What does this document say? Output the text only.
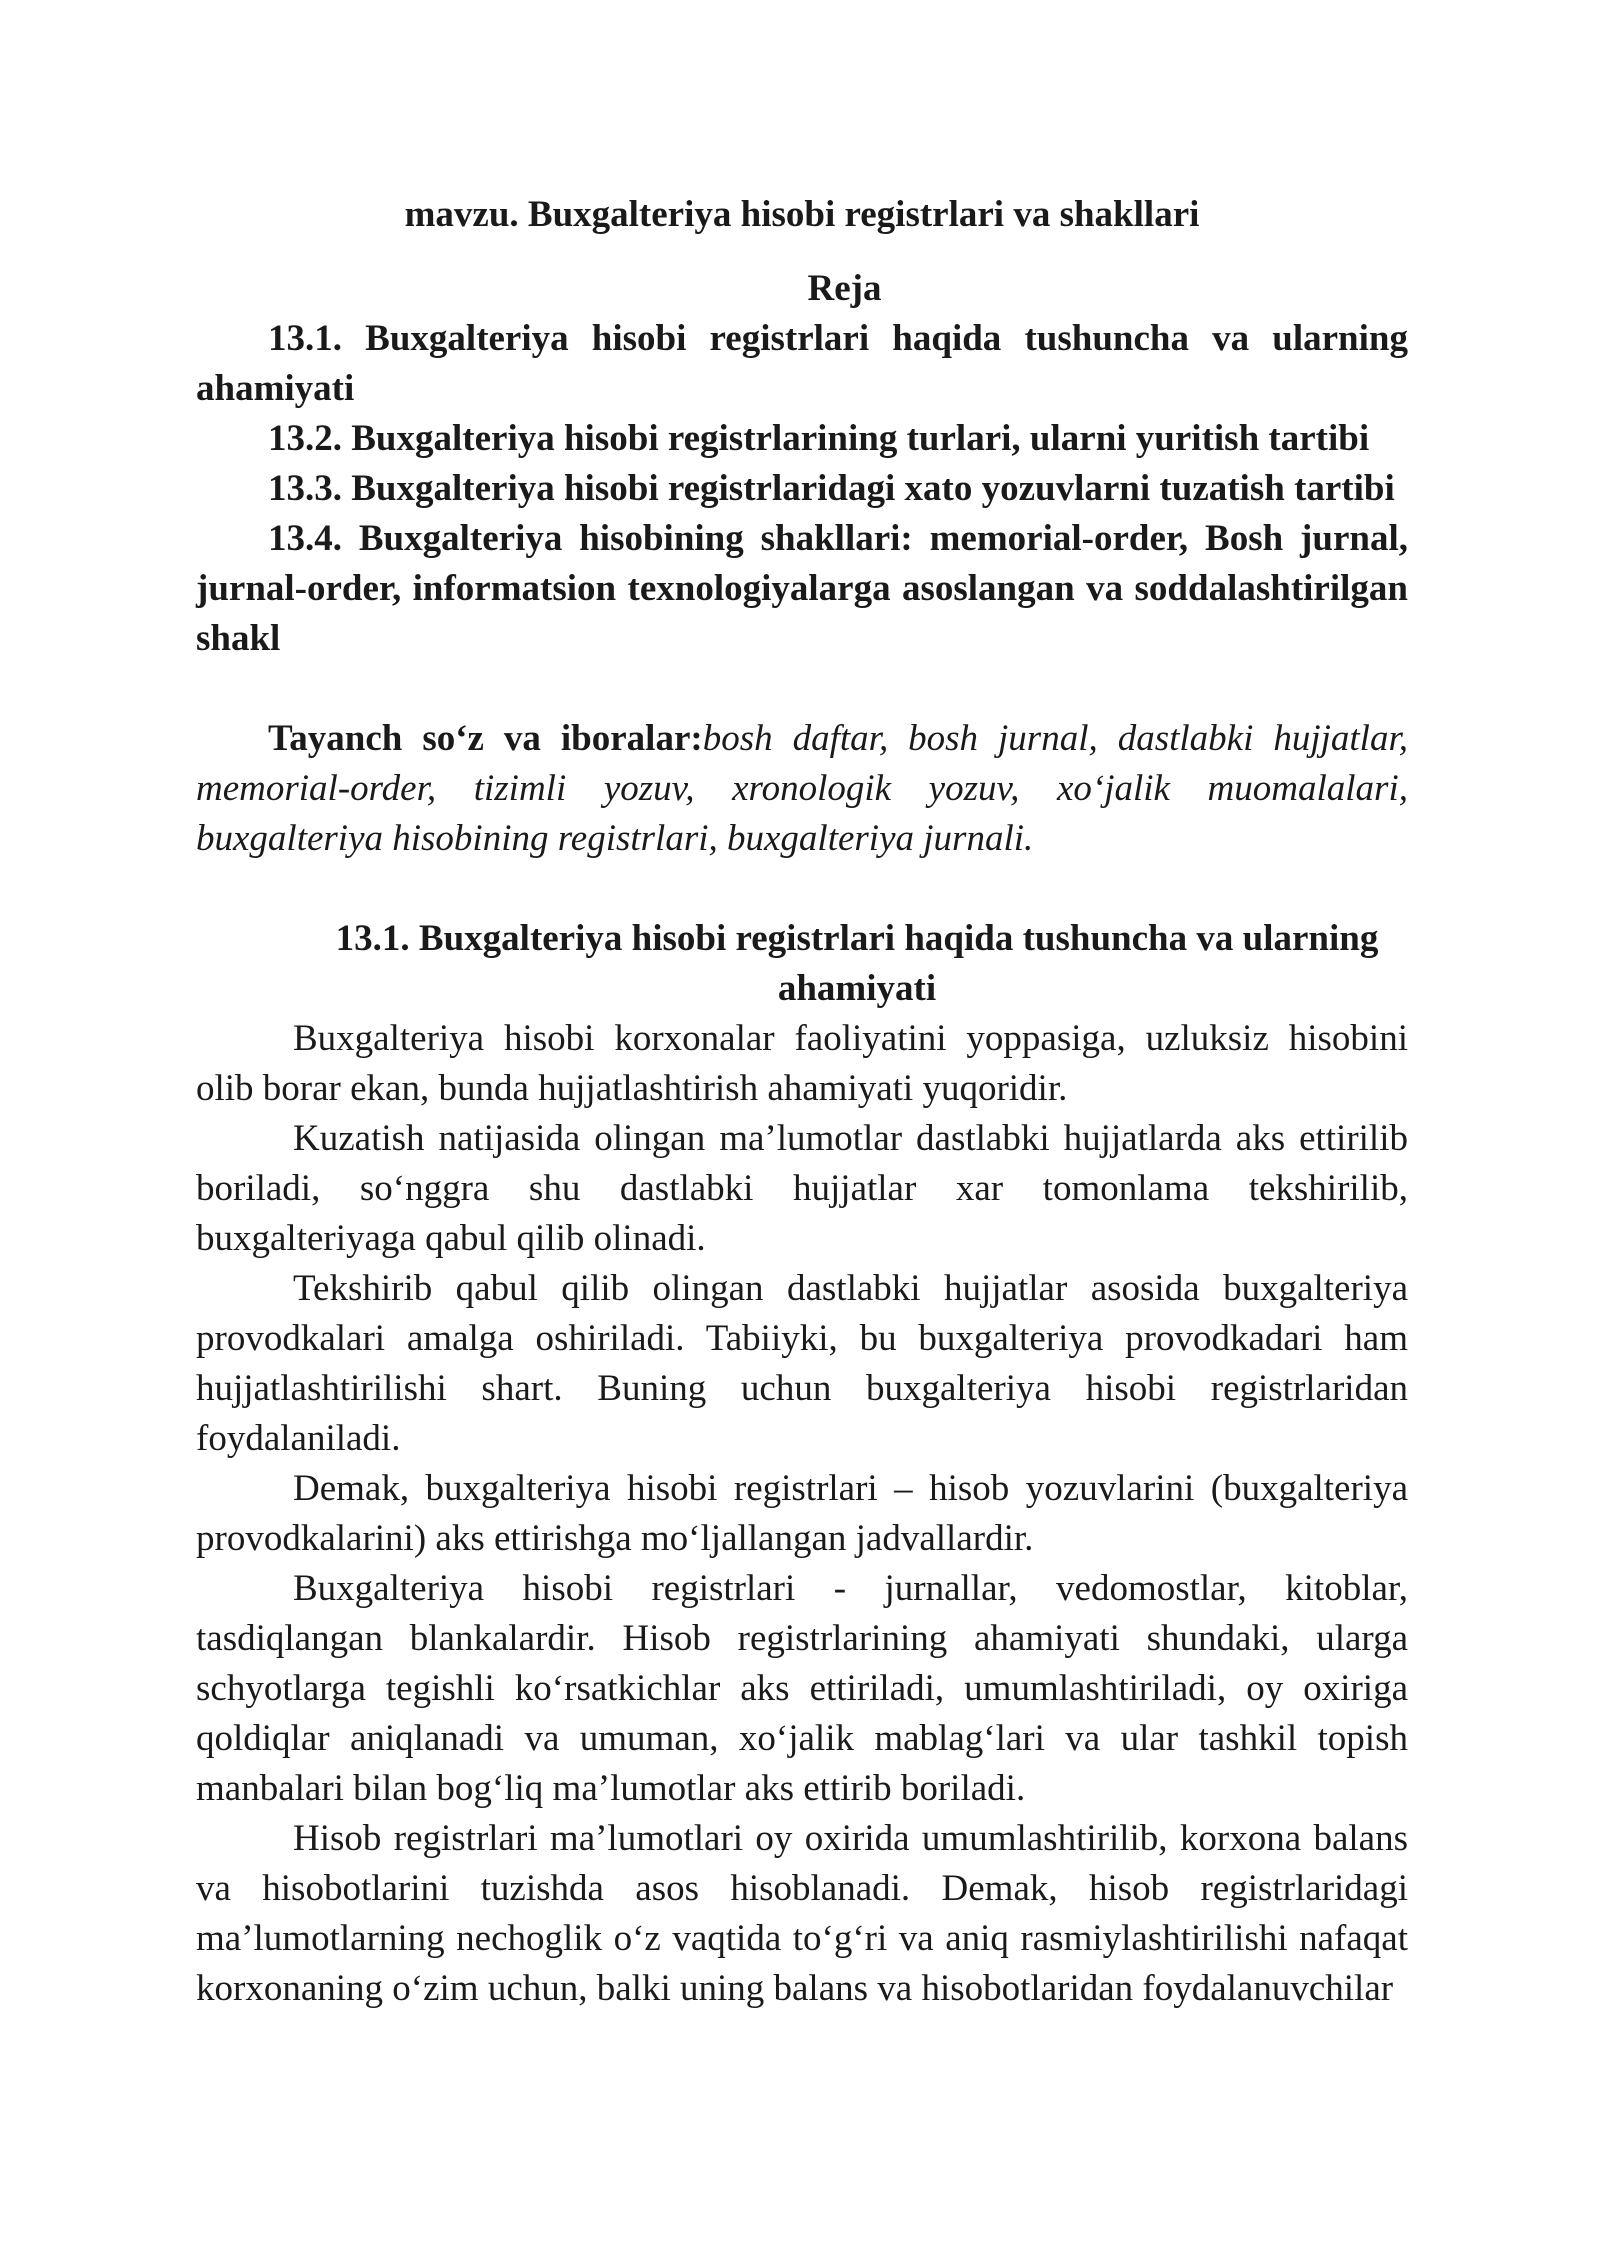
mavzu. Buxgalteriya hisobi registrlari va shakllari
Reja

13.1. Buxgalteriya hisobi registrlari haqida tushuncha va ularning ahamiyati

13.2. Buxgalteriya hisobi registrlarining turlari, ularni yuritish tartibi

13.3. Buxgalteriya hisobi registrlaridagi xato yozuvlarni tuzatish tartibi

13.4. Buxgalteriya hisobining shakllari: memorial-order, Bosh jurnal, jurnal-order, informatsion texnologiyalarga asoslangan va soddalashtirilgan shakl

Tayanch so‘z va iboralar:bosh daftar, bosh jurnal, dastlabki hujjatlar, memorial-order, tizimli yozuv, xronologik yozuv, xo‘jalik muomalalari, buxgalteriya hisobining registrlari, buxgalteriya jurnali.

13.1. Buxgalteriya hisobi registrlari haqida tushuncha va ularning ahamiyati

Buxgalteriya hisobi korxonalar faoliyatini yoppasiga, uzluksiz hisobini olib borar ekan, bunda hujjatlashtirish ahamiyati yuqoridir.

Kuzatish natijasida olingan ma’lumotlar dastlabki hujjatlarda aks ettirilib boriladi, so‘nggra shu dastlabki hujjatlar xar tomonlama tekshirilib, buxgalteriyaga qabul qilib olinadi.

Tekshirib qabul qilib olingan dastlabki hujjatlar asosida buxgalteriya provodkalari amalga oshiriladi. Tabiiyki, bu buxgalteriya provodkadari ham hujjatlashtirilishi shart. Buning uchun buxgalteriya hisobi registrlaridan foydalaniladi.

Demak, buxgalteriya hisobi registrlari – hisob yozuvlarini (buxgalteriya provodkalarini) aks ettirishga mo‘ljallangan jadvallardir.

Buxgalteriya hisobi registrlari - jurnallar, vedomostlar, kitoblar, tasdiqlangan blankalardir. Hisob registrlarining ahamiyati shundaki, ularga schyotlarga tegishli ko‘rsatkichlar aks ettiriladi, umumlashtiriladi, oy oxiriga qoldiqlar aniqlanadi va umuman, xo‘jalik mablag‘lari va ular tashkil topish manbalari bilan bog‘liq ma’lumotlar aks ettirib boriladi.

Hisob registrlari ma’lumotlari oy oxirida umumlashtirilib, korxona balans va hisobotlarini tuzishda asos hisoblanadi. Demak, hisob registrlaridagi ma’lumotlarning nechoglik o‘z vaqtida to‘g‘ri va aniq rasmiylashtirilishi nafaqat korxonaning o‘zim uchun, balki uning balans va hisobotlaridan foydalanuvchilar
